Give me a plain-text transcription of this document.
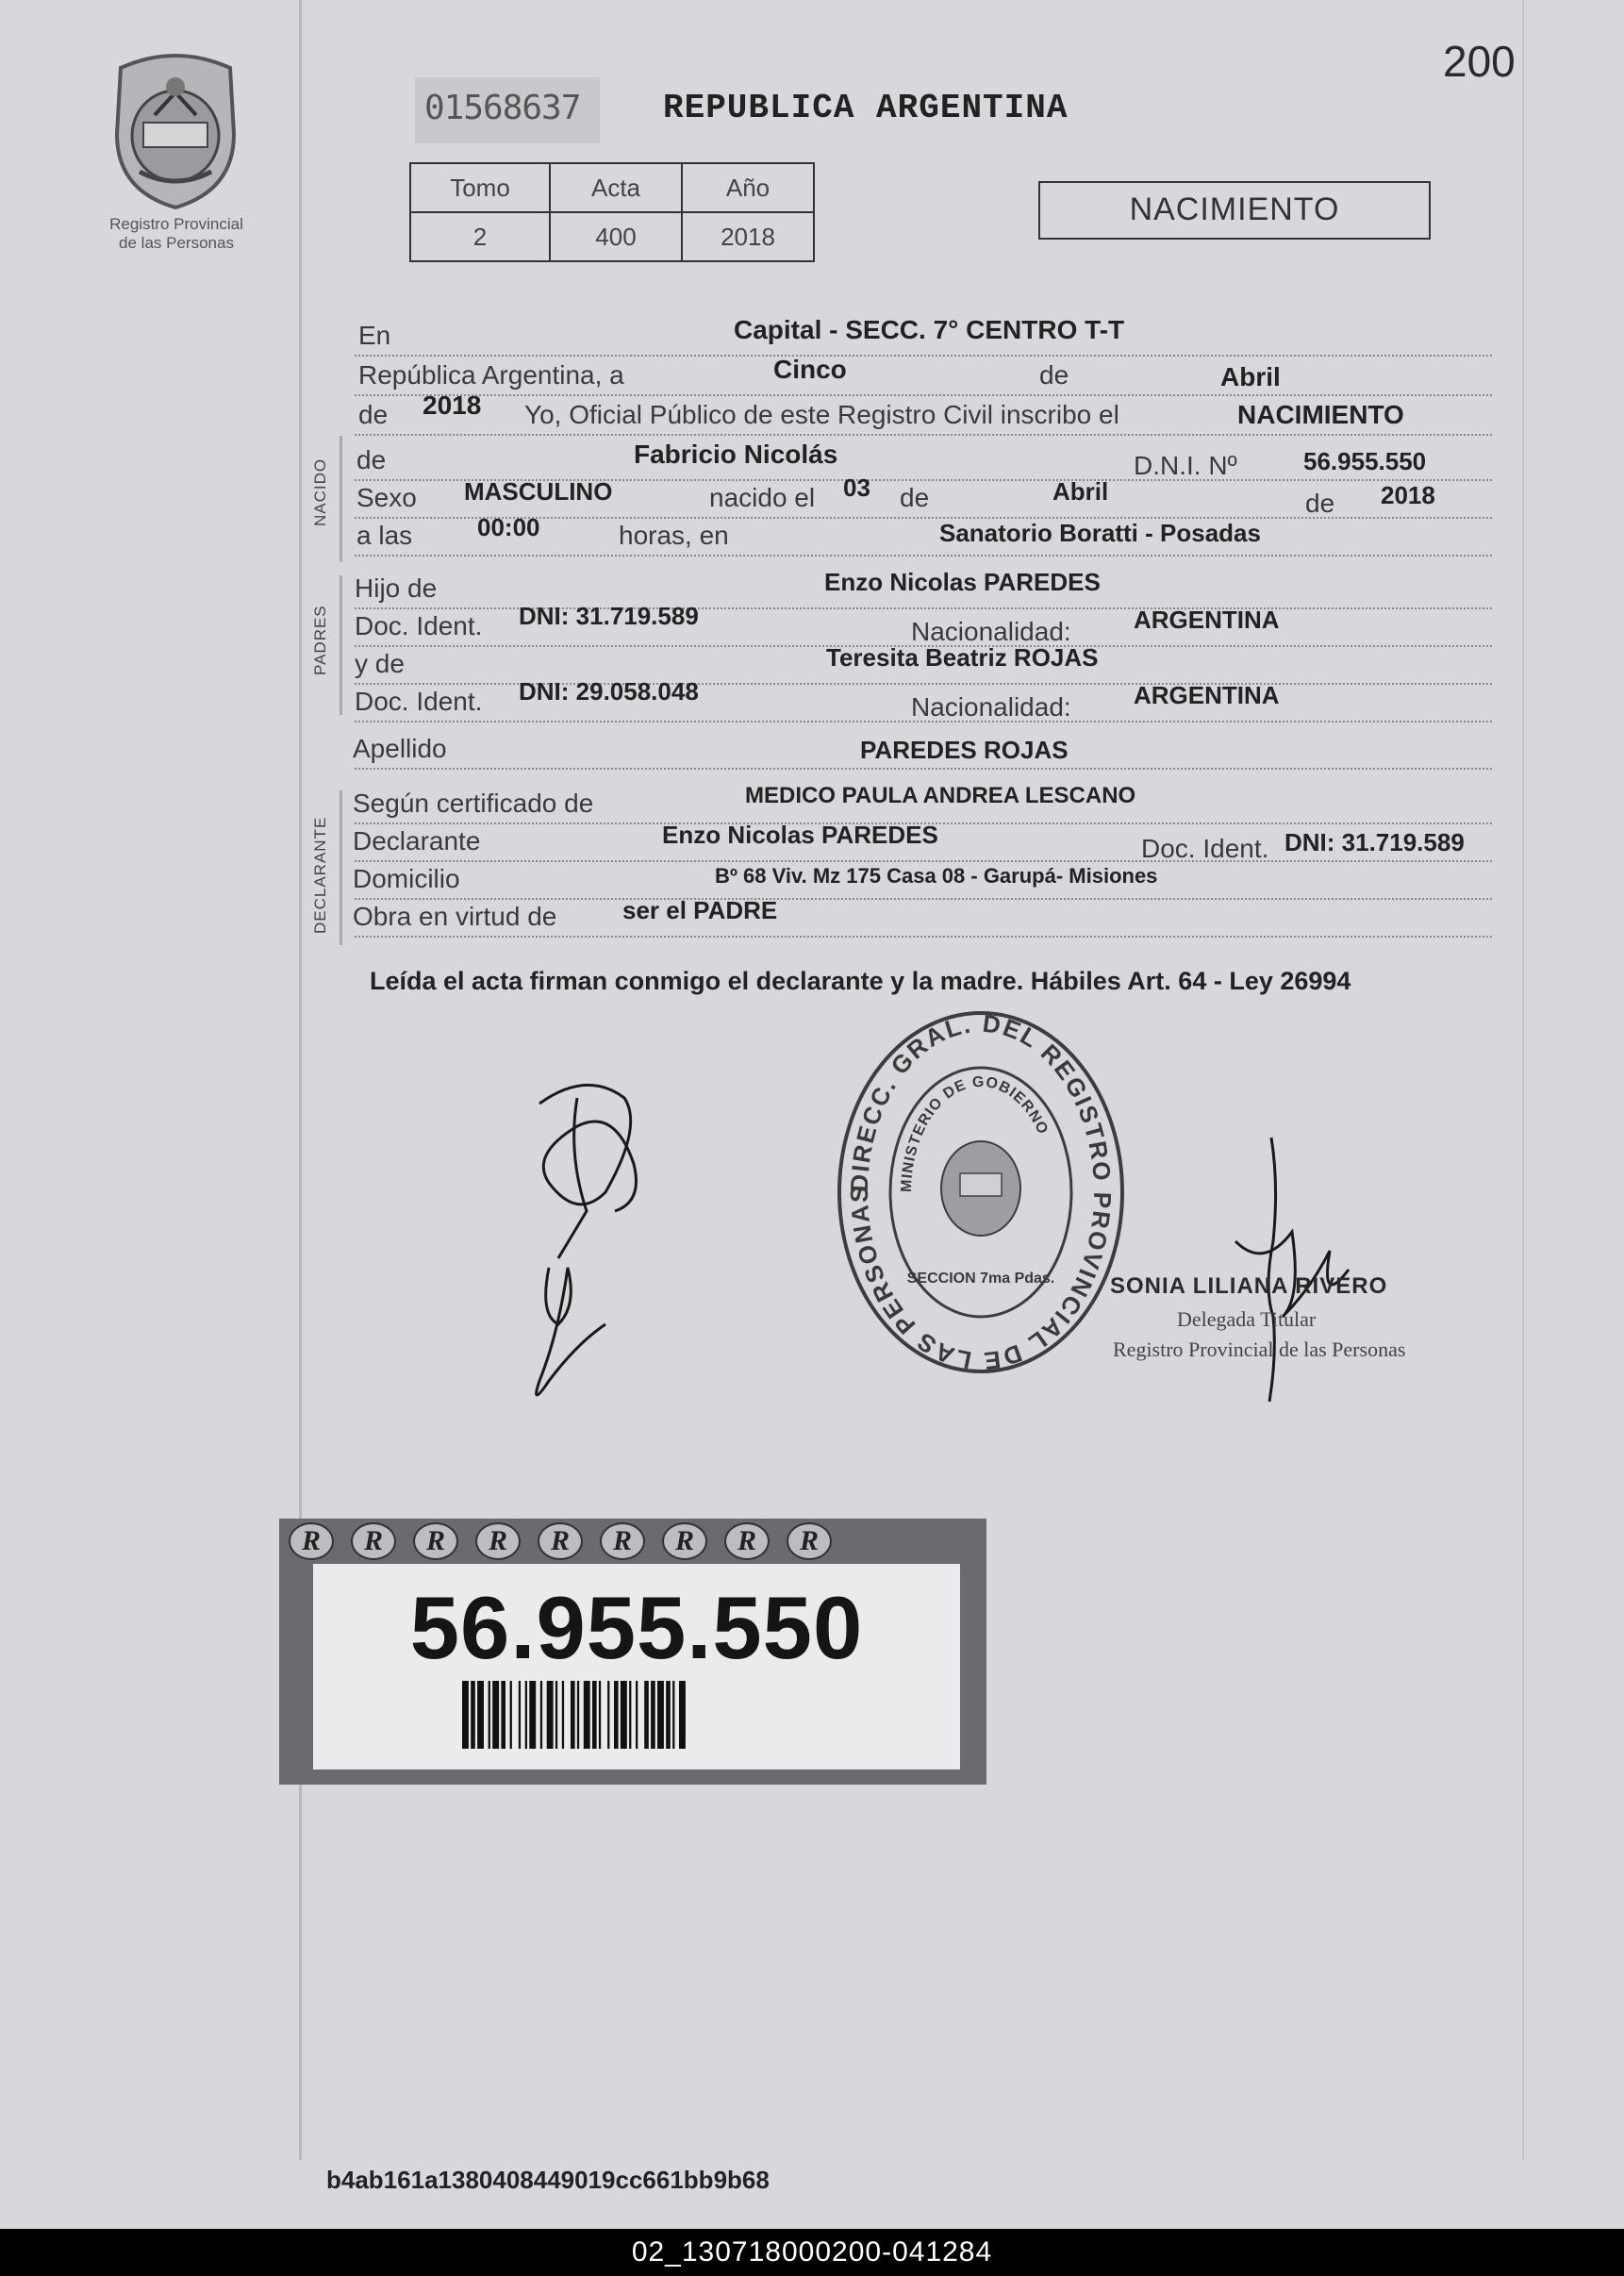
200
Registro Provincial
de las Personas
01568637	REPUBLICA ARGENTINA
Tomo	Acta	Año
2	400	2018
NACIMIENTO
NACIDO
PADRES
DECLARANTE
En	Capital - SECC. 7° CENTRO T-T
República Argentina, a	Cinco	de	Abril
de 2018 Yo, Oficial Público de este Registro Civil inscribo el	NACIMIENTO
de	Fabricio Nicolás	D.N.I. Nº	56.955.550
Sexo MASCULINO	nacido el 03 de	Abril	de 2018
a las	00:00	horas, en	Sanatorio Boratti - Posadas
Hijo de	Enzo Nicolas PAREDES
Doc. Ident. DNI: 31.719.589
Nacionalidad:	ARGENTINA
y de	Teresita Beatriz ROJAS
Doc. Ident. DNI: 29.058.048
Nacionalidad:	ARGENTINA
Apellido	PAREDES ROJAS
Según certificado de	MEDICO PAULA ANDREA LESCANO
Declarante	Enzo Nicolas PAREDES	Doc. Ident. DNI: 31.719.589
Domicilio	Bº 68 Viv. Mz 175 Casa 08 - Garupá- Misiones
Obra en virtud de	ser el PADRE
Leída el acta firman conmigo el declarante y la madre. Hábiles Art. 64 - Ley 26994
DIRECC. GRAL. DEL REGISTRO PROVINCIAL DE LAS PERSONAS	MINISTERIO DE GOBIERNO
SECCION 7ma Pdas. SONIA LILIANA RIVERO
Delegada Titular
Registro Provincial de las Personas
R	R	R	R	R	R	R	R	R
56.955.550
b4ab161a1380408449019cc661bb9b68
02_130718000200-041284
